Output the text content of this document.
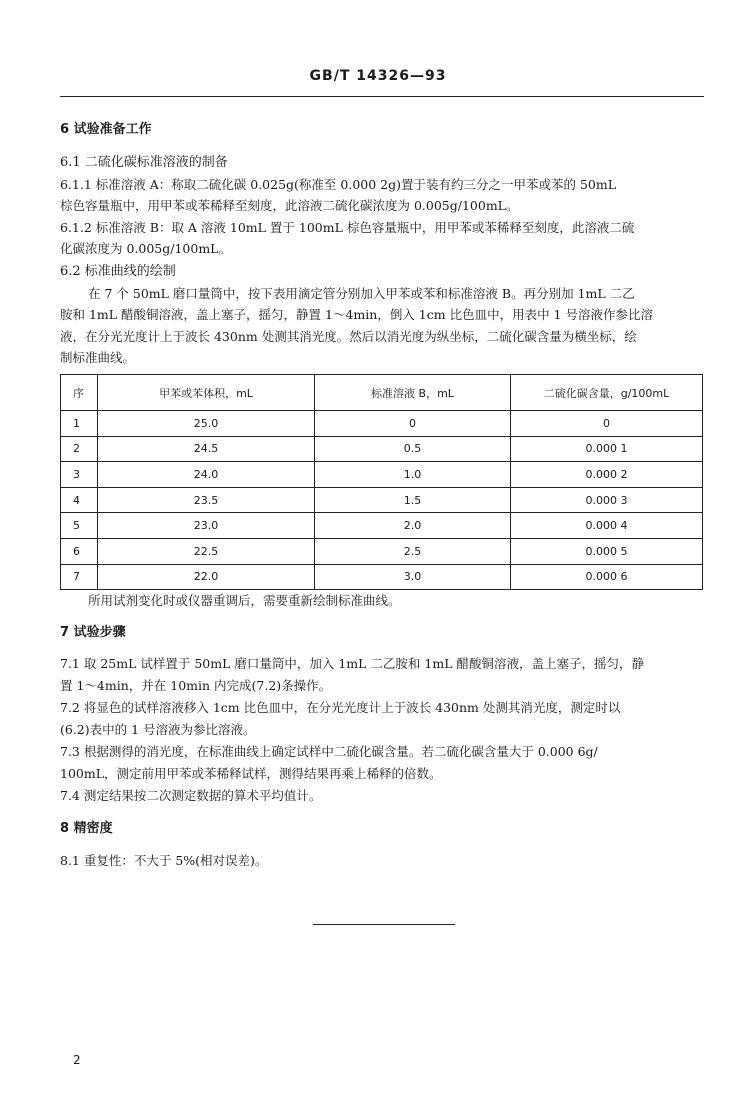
GB/T 14326—93
6 试验准备工作
6.1 二硫化碳标准溶液的制备
6.1.1 标准溶液 A：称取二硫化碳 0.025g(称准至 0.000 2g)置于装有约三分之一甲苯或苯的 50mL
棕色容量瓶中，用甲苯或苯稀释至刻度，此溶液二硫化碳浓度为 0.005g/100mL。
6.1.2 标准溶液 B：取 A 溶液 10mL 置于 100mL 棕色容量瓶中，用甲苯或苯稀释至刻度，此溶液二硫
化碳浓度为 0.005g/100mL。
6.2 标准曲线的绘制
在 7 个 50mL 磨口量筒中，按下表用滴定管分别加入甲苯或苯和标准溶液 B。再分别加 1mL 二乙
胺和 1mL 醋酸铜溶液，盖上塞子，摇匀，静置 1～4min，倒入 1cm 比色皿中，用表中 1 号溶液作参比溶
液，在分光光度计上于波长 430nm 处测其消光度。然后以消光度为纵坐标，二硫化碳含量为横坐标，绘
制标准曲线。
序	甲苯或苯体积，mL	标准溶液 B，mL	二硫化碳含量，g/100mL
1	25.0	0	0
2	24.5	0.5	0.000 1
3	24.0	1.0	0.000 2
4	23.5	1.5	0.000 3
5	23.0	2.0	0.000 4
6	22.5	2.5	0.000 5
7	22.0	3.0	0.000 6
所用试剂变化时或仪器重调后，需要重新绘制标准曲线。
7 试验步骤
7.1 取 25mL 试样置于 50mL 磨口量筒中，加入 1mL 二乙胺和 1mL 醋酸铜溶液，盖上塞子，摇匀，静
置 1～4min，并在 10min 内完成(7.2)条操作。
7.2 将显色的试样溶液移入 1cm 比色皿中，在分光光度计上于波长 430nm 处测其消光度，测定时以
(6.2)表中的 1 号溶液为参比溶液。
7.3 根据测得的消光度，在标准曲线上确定试样中二硫化碳含量。若二硫化碳含量大于 0.000 6g/
100mL，测定前用甲苯或苯稀释试样，测得结果再乘上稀释的倍数。
7.4 测定结果按二次测定数据的算术平均值计。
8 精密度
8.1 重复性：不大于 5%(相对误差)。
2
